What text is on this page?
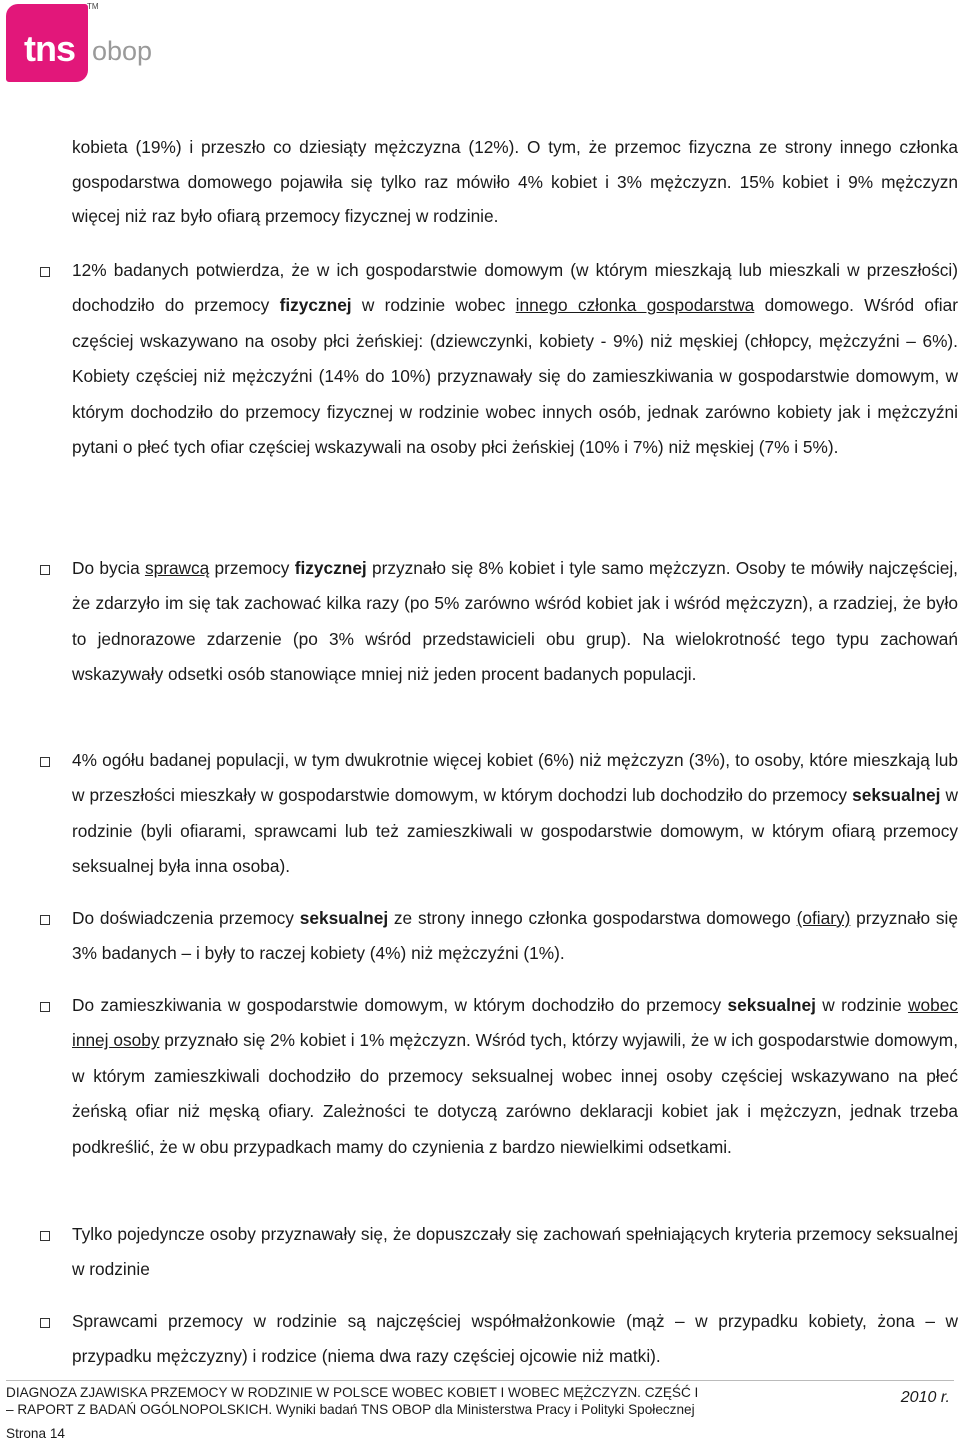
tns
TM
obop
kobieta (19%) i przeszło co dziesiąty mężczyzna (12%). O tym, że przemoc fizyczna ze strony innego członka gospodarstwa domowego pojawiła się tylko raz mówiło 4% kobiet i 3% mężczyzn. 15% kobiet i 9% mężczyzn więcej niż raz było ofiarą przemocy fizycznej w rodzinie.
12% badanych potwierdza, że w ich gospodarstwie domowym (w którym mieszkają lub mieszkali w przeszłości) dochodziło do przemocy fizycznej w rodzinie wobec innego członka gospodarstwa domowego. Wśród ofiar częściej wskazywano na osoby płci żeńskiej: (dziewczynki, kobiety - 9%) niż męskiej (chłopcy, mężczyźni – 6%). Kobiety częściej niż mężczyźni (14% do 10%) przyznawały się do zamieszkiwania w gospodarstwie domowym, w którym dochodziło do przemocy fizycznej w rodzinie wobec innych osób, jednak zarówno kobiety jak i mężczyźni pytani o płeć tych ofiar częściej wskazywali na osoby płci żeńskiej (10% i 7%) niż męskiej (7% i 5%).
Do bycia sprawcą przemocy fizycznej przyznało się 8% kobiet i tyle samo mężczyzn. Osoby te mówiły najczęściej, że zdarzyło im się tak zachować kilka razy (po 5% zarówno wśród kobiet jak i wśród mężczyzn), a rzadziej, że było to jednorazowe zdarzenie (po 3% wśród przedstawicieli obu grup). Na wielokrotność tego typu zachowań wskazywały odsetki osób stanowiące mniej niż jeden procent badanych populacji.
4% ogółu badanej populacji, w tym dwukrotnie więcej kobiet (6%) niż mężczyzn (3%), to osoby, które mieszkają lub w przeszłości mieszkały w gospodarstwie domowym, w którym dochodzi lub dochodziło do przemocy seksualnej w rodzinie (byli ofiarami, sprawcami lub też zamieszkiwali w gospodarstwie domowym, w którym ofiarą przemocy seksualnej była inna osoba).
Do doświadczenia przemocy seksualnej ze strony innego członka gospodarstwa domowego (ofiary) przyznało się 3% badanych – i były to raczej kobiety (4%) niż mężczyźni (1%).
Do zamieszkiwania w gospodarstwie domowym, w którym dochodziło do przemocy seksualnej w rodzinie wobec innej osoby przyznało się 2% kobiet i 1% mężczyzn. Wśród tych, którzy wyjawili, że w ich gospodarstwie domowym, w którym zamieszkiwali dochodziło do przemocy seksualnej wobec innej osoby częściej wskazywano na płeć żeńską ofiar niż męską ofiary. Zależności te dotyczą zarówno deklaracji kobiet jak i mężczyzn, jednak trzeba podkreślić, że w obu przypadkach mamy do czynienia z bardzo niewielkimi odsetkami.
Tylko pojedyncze osoby przyznawały się, że dopuszczały się zachowań spełniających kryteria przemocy seksualnej w rodzinie
Sprawcami przemocy w rodzinie są najczęściej współmałżonkowie (mąż – w przypadku kobiety, żona – w przypadku mężczyzny) i rodzice (niema dwa razy częściej ojcowie niż matki).
DIAGNOZA ZJAWISKA PRZEMOCY W RODZINIE W POLSCE WOBEC KOBIET I WOBEC MĘŻCZYZN. CZĘŚĆ I
– RAPORT Z BADAŃ OGÓLNOPOLSKICH. Wyniki badań TNS OBOP dla Ministerstwa Pracy i Polityki Społecznej
2010 r.
Strona 14
